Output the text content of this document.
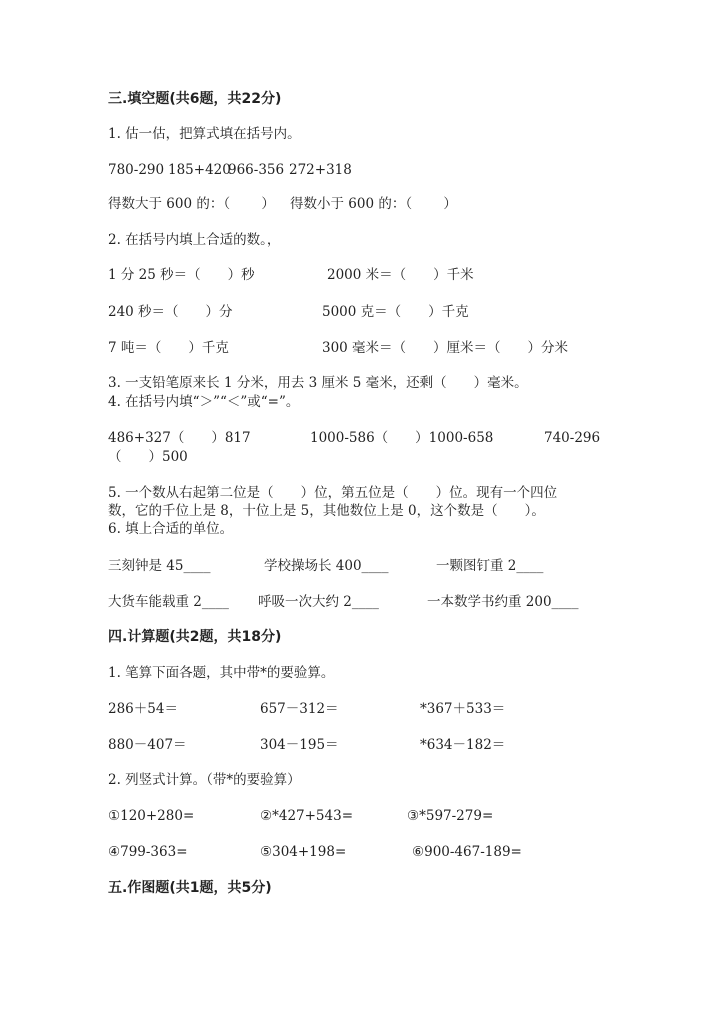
三.填空题(共6题，共22分)
1. 估一估，把算式填在括号内。
780-290 185+420
966-356 272+318
得数大于 600 的：（　　 ） 得数小于 600 的：（　　 ）
2. 在括号内填上合适的数。，
1 分 25 秒＝（　　）秒	2000 米＝（　　）千米
240 秒＝（　　）分	5000 克＝（　　）千克
7 吨＝（　　）千克	300 毫米＝（　　）厘米＝（　　）分米
3. 一支铅笔原来长 1 分米，用去 3 厘米 5 毫米，还剩（　　）毫米。
4. 在括号内填“＞”“＜”或“=”。
486+327（　　）817	1000-586（　　）1000-658	740-296
（　　）500
5. 一个数从右起第二位是（　　）位，第五位是（　　）位。现有一个四位
数，它的千位上是 8，十位上是 5，其他数位上是 0，这个数是（　　）。
6. 填上合适的单位。
三刻钟是 45____	学校操场长 400____	一颗图钉重 2____
大货车能载重 2____ 呼吸一次大约 2____	一本数学书约重 200____
四.计算题(共2题，共18分)
1. 笔算下面各题，其中带*的要验算。
286＋54＝	657－312＝	*367＋533＝
880－407＝	304－195＝	*634－182＝
2. 列竖式计算。（带*的要验算）
①120+280=	②*427+543=	③*597-279=
④799-363=	⑤304+198=	⑥900-467-189=
五.作图题(共1题，共5分)
